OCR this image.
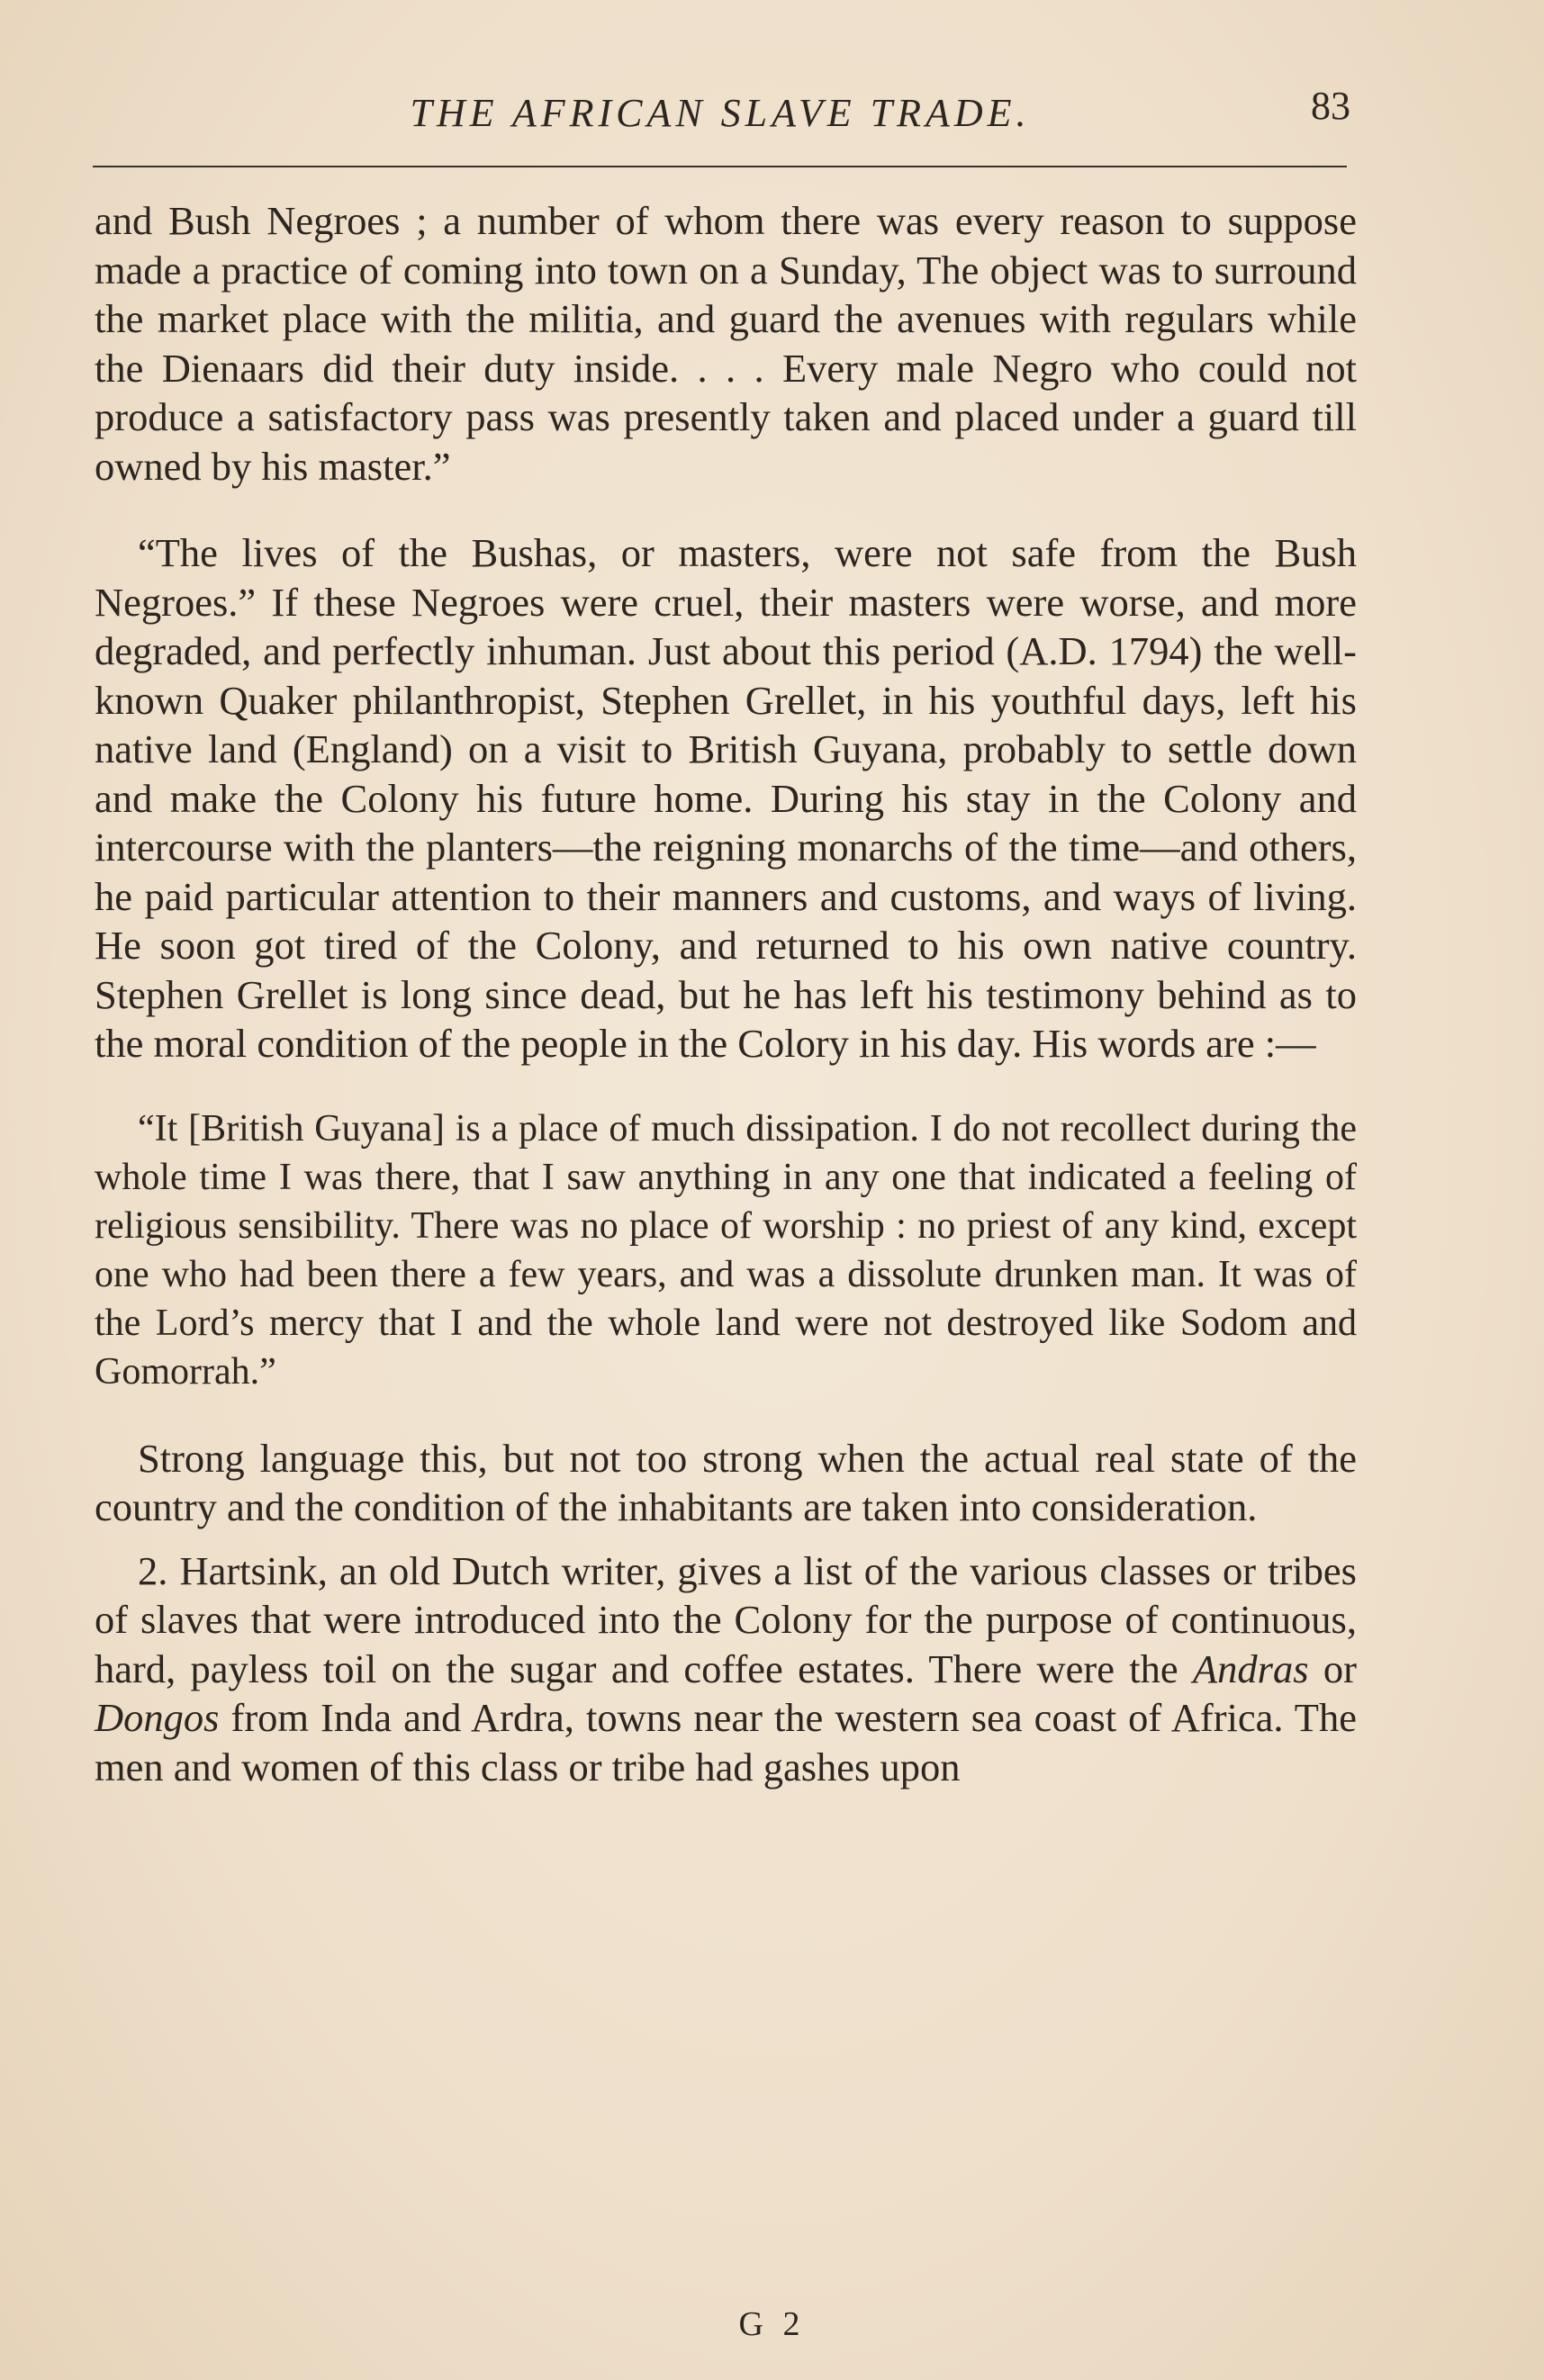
THE AFRICAN SLAVE TRADE.	83

and Bush Negroes ; a number of whom there was every reason to suppose made a practice of coming into town on a Sunday, The object was to surround the market place with the militia, and guard the avenues with regulars while the Dienaars did their duty inside. . . . Every male Negro who could not produce a satisfactory pass was presently taken and placed under a guard till owned by his master.”

“The lives of the Bushas, or masters, were not safe from the Bush Negroes.” If these Negroes were cruel, their masters were worse, and more degraded, and perfectly inhuman. Just about this period (A.D. 1794) the well-known Quaker philanthropist, Stephen Grellet, in his youthful days, left his native land (England) on a visit to British Guyana, probably to settle down and make the Colony his future home. During his stay in the Colony and intercourse with the planters—the reigning monarchs of the time—and others, he paid particular attention to their manners and customs, and ways of living. He soon got tired of the Colony, and returned to his own native country. Stephen Grellet is long since dead, but he has left his testimony behind as to the moral condition of the people in the Colory in his day. His words are :—

“It [British Guyana] is a place of much dissipation. I do not recollect during the whole time I was there, that I saw anything in any one that indicated a feeling of religious sensibility. There was no place of worship : no priest of any kind, except one who had been there a few years, and was a dissolute drunken man. It was of the Lord’s mercy that I and the whole land were not destroyed like Sodom and Gomorrah.”

Strong language this, but not too strong when the actual real state of the country and the condition of the inhabitants are taken into consideration.

2. Hartsink, an old Dutch writer, gives a list of the various classes or tribes of slaves that were introduced into the Colony for the purpose of continuous, hard, payless toil on the sugar and coffee estates. There were the Andras or Dongos from Inda and Ardra, towns near the western sea coast of Africa. The men and women of this class or tribe had gashes upon

G 2
